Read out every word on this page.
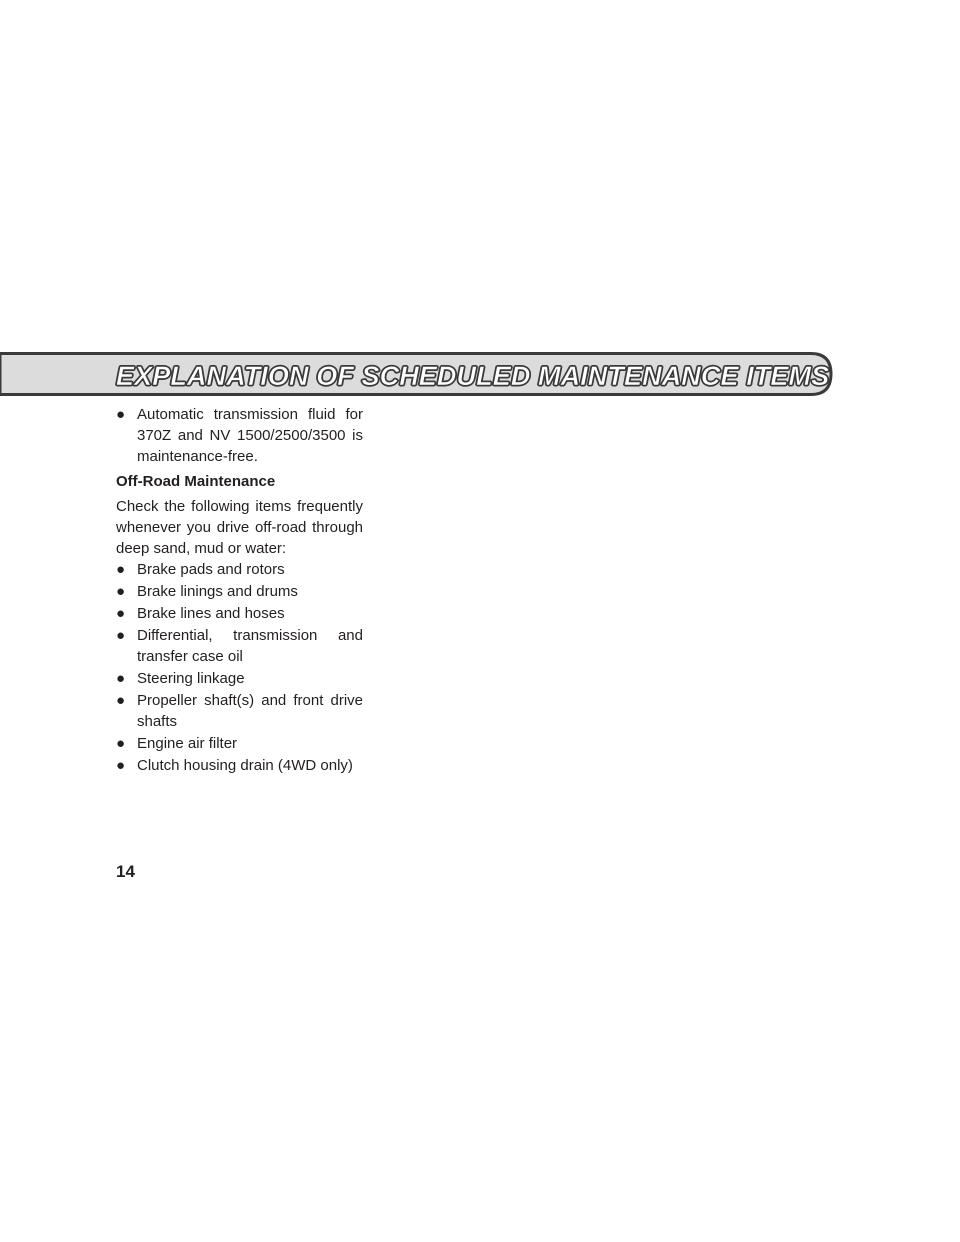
EXPLANATION OF SCHEDULED MAINTENANCE ITEMS
● Automatic transmission fluid for 370Z and NV 1500/2500/3500 is maintenance-free.
Off-Road Maintenance
Check the following items frequently whenever you drive off-road through deep sand, mud or water:
● Brake pads and rotors
● Brake linings and drums
● Brake lines and hoses
● Differential, transmission and transfer case oil
● Steering linkage
● Propeller shaft(s) and front drive shafts
● Engine air filter
● Clutch housing drain (4WD only)
14
